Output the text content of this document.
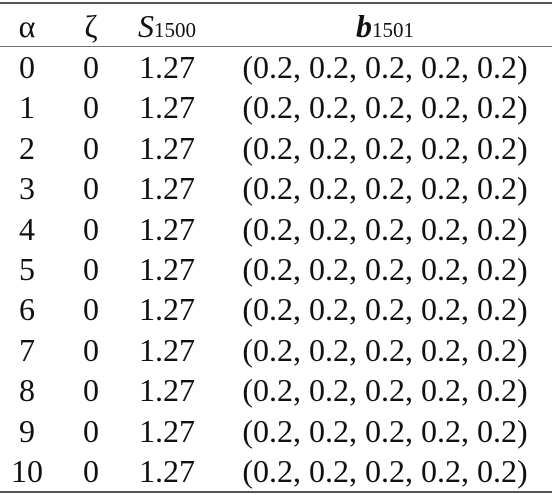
α	ζ	S1500	b1501
0	0	1.27	(0.2, 0.2, 0.2, 0.2, 0.2)
1	0	1.27	(0.2, 0.2, 0.2, 0.2, 0.2)
2	0	1.27	(0.2, 0.2, 0.2, 0.2, 0.2)
3	0	1.27	(0.2, 0.2, 0.2, 0.2, 0.2)
4	0	1.27	(0.2, 0.2, 0.2, 0.2, 0.2)
5	0	1.27	(0.2, 0.2, 0.2, 0.2, 0.2)
6	0	1.27	(0.2, 0.2, 0.2, 0.2, 0.2)
7	0	1.27	(0.2, 0.2, 0.2, 0.2, 0.2)
8	0	1.27	(0.2, 0.2, 0.2, 0.2, 0.2)
9	0	1.27	(0.2, 0.2, 0.2, 0.2, 0.2)
10	0	1.27	(0.2, 0.2, 0.2, 0.2, 0.2)
